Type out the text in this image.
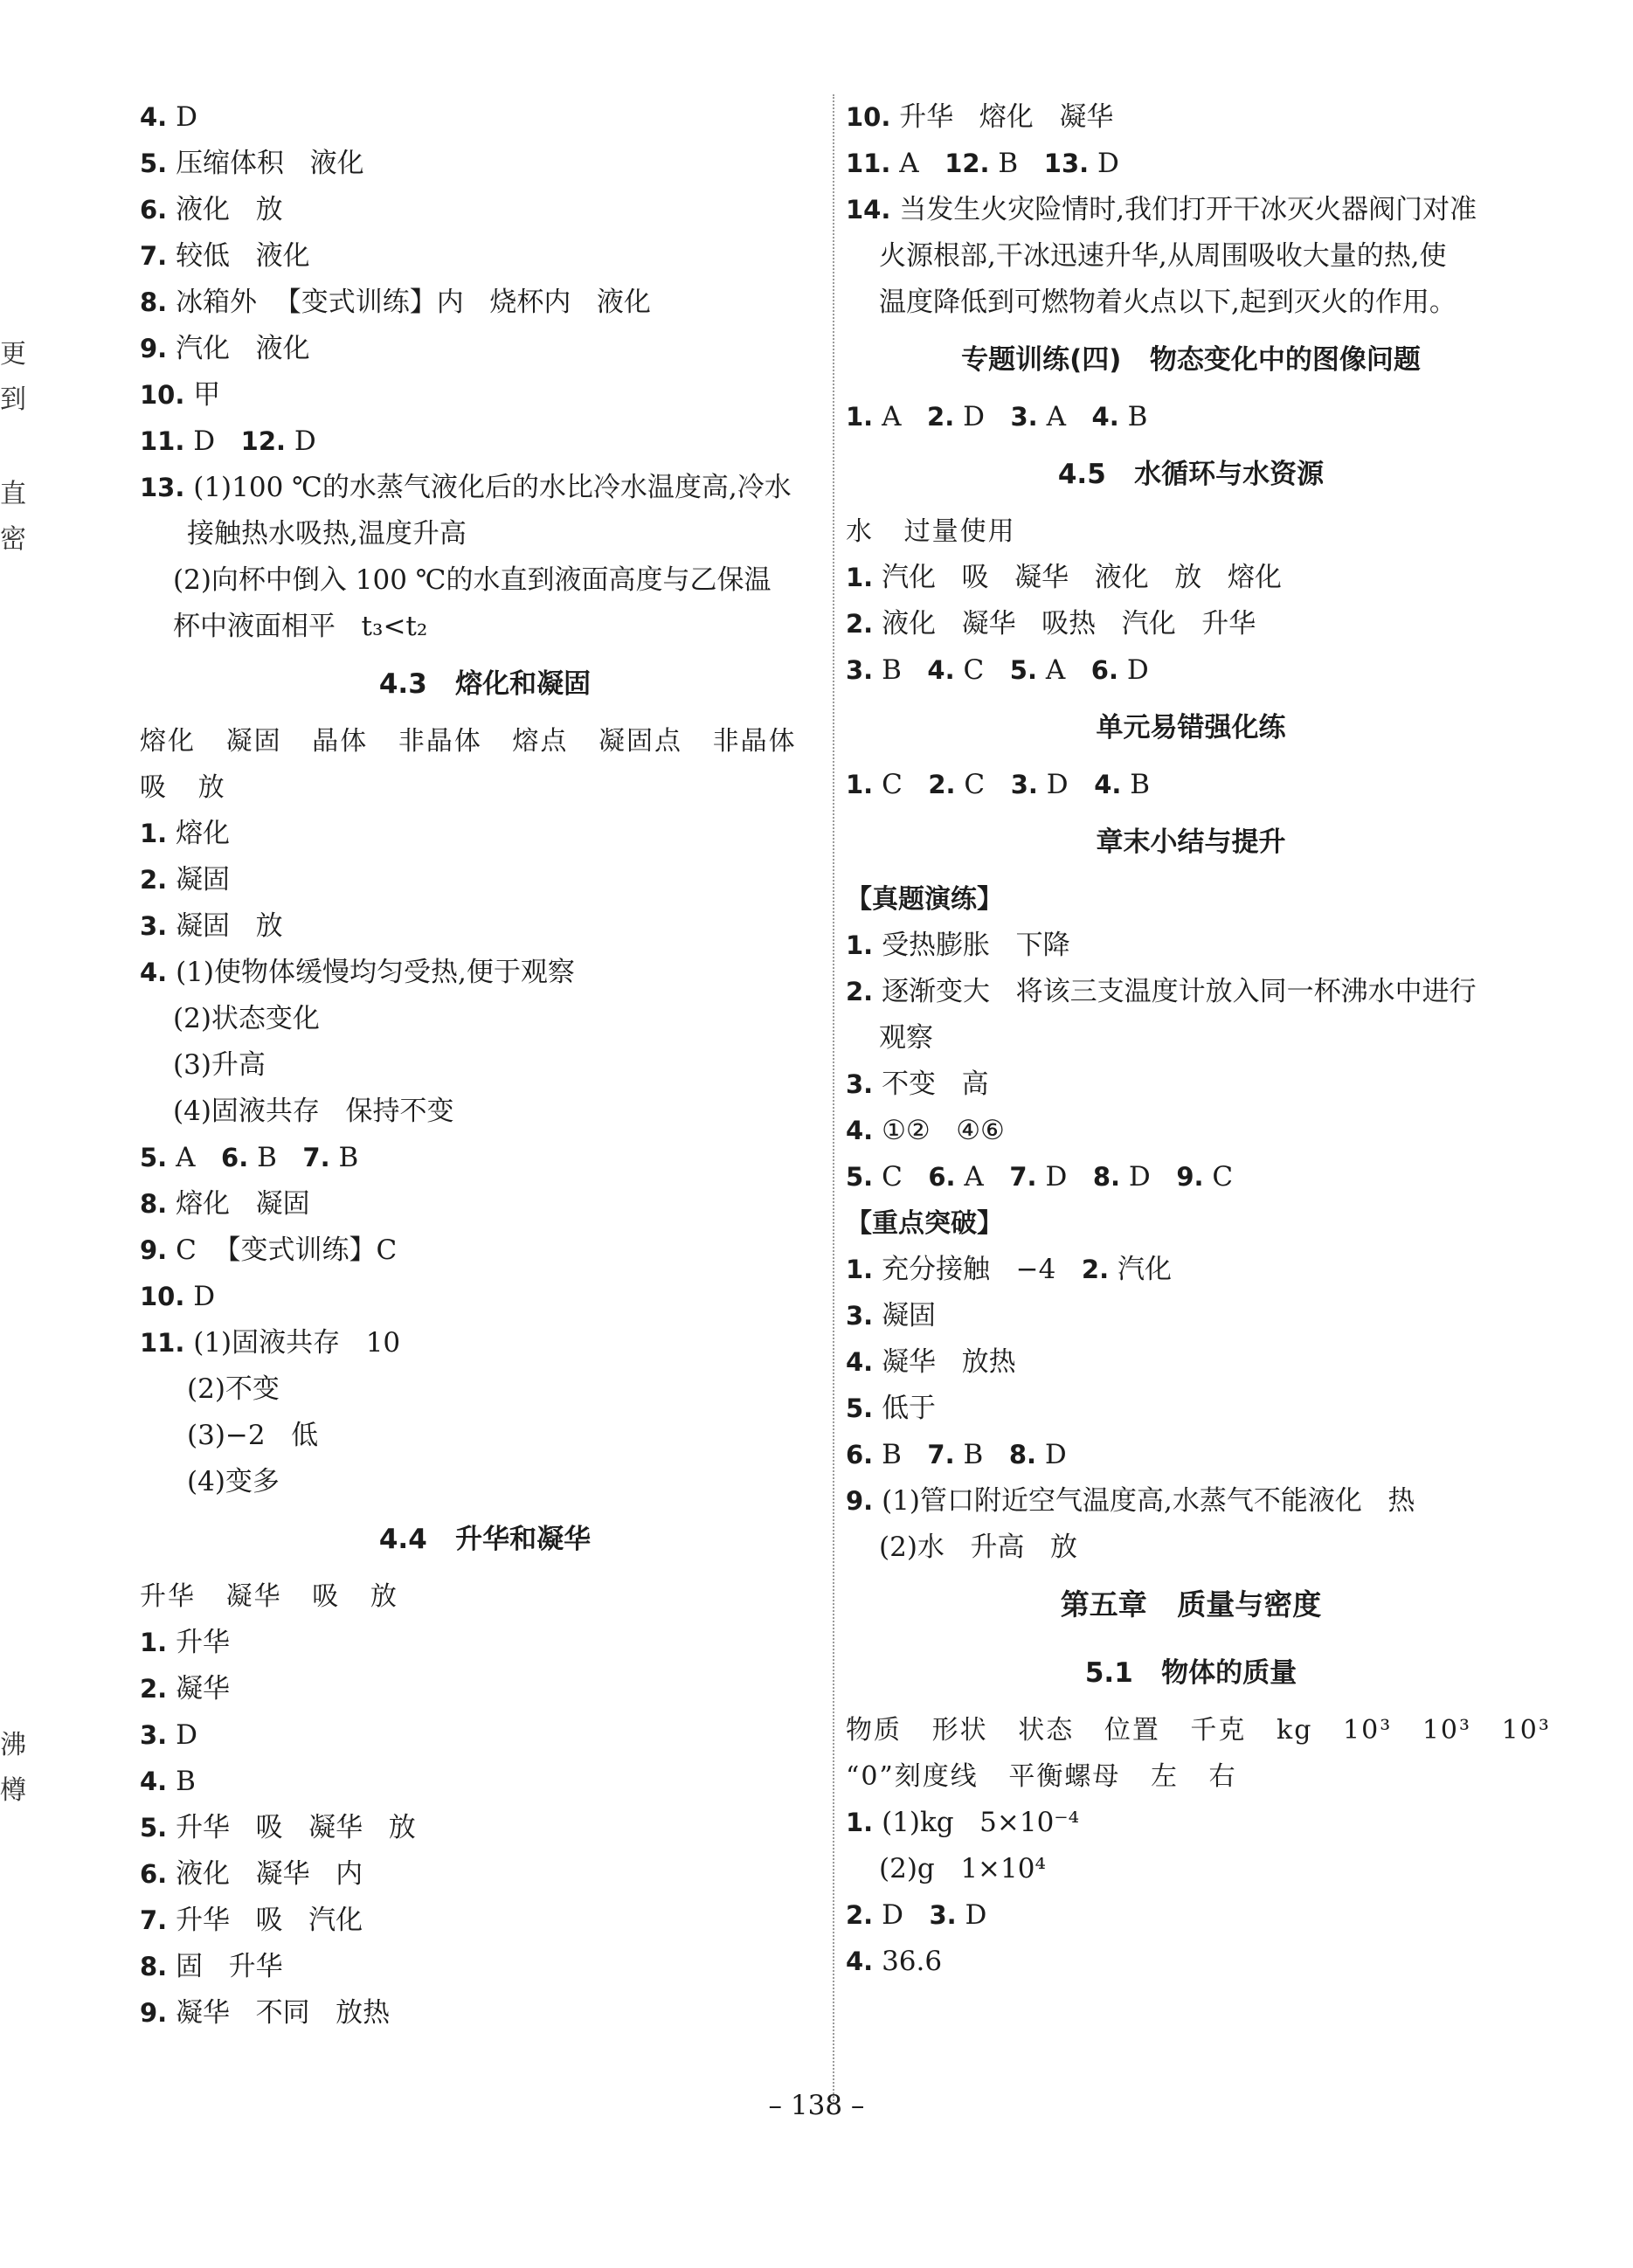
更
到
直
密
沸
樽
4. D
5. 压缩体积   液化
6. 液化   放
7. 较低   液化
8. 冰箱外  【变式训练】内   烧杯内   液化
9. 汽化   液化
10. 甲
11. D 12. D
13. (1)100 ℃的水蒸气液化后的水比冷水温度高,冷水
接触热水吸热,温度升高
(2)向杯中倒入 100 ℃的水直到液面高度与乙保温
杯中液面相平   t₃<t₂
4.3   熔化和凝固
熔化   凝固   晶体   非晶体   熔点   凝固点   非晶体
吸   放
1. 熔化
2. 凝固
3. 凝固   放
4. (1)使物体缓慢均匀受热,便于观察
(2)状态变化
(3)升高
(4)固液共存   保持不变
5. A 6. B 7. B
8. 熔化   凝固
9. C  【变式训练】C
10. D
11. (1)固液共存   10
(2)不变
(3)−2   低
(4)变多
4.4   升华和凝华
升华   凝华   吸   放
1. 升华
2. 凝华
3. D
4. B
5. 升华   吸   凝华   放
6. 液化   凝华   内
7. 升华   吸   汽化
8. 固   升华
9. 凝华   不同   放热
10. 升华   熔化   凝华
11. A 12. B 13. D
14. 当发生火灾险情时,我们打开干冰灭火器阀门对准
火源根部,干冰迅速升华,从周围吸收大量的热,使
温度降低到可燃物着火点以下,起到灭火的作用。
专题训练(四)   物态变化中的图像问题
1. A 2. D 3. A 4. B
4.5   水循环与水资源
水   过量使用
1. 汽化   吸   凝华   液化   放   熔化
2. 液化   凝华   吸热   汽化   升华
3. B 4. C 5. A 6. D
单元易错强化练
1. C 2. C 3. D 4. B
章末小结与提升
【真题演练】
1. 受热膨胀   下降
2. 逐渐变大   将该三支温度计放入同一杯沸水中进行
观察
3. 不变   高
4. ①②   ④⑥
5. C 6. A 7. D 8. D 9. C
【重点突破】
1. 充分接触   −4 2. 汽化
3. 凝固
4. 凝华   放热
5. 低于
6. B 7. B 8. D
9. (1)管口附近空气温度高,水蒸气不能液化   热
(2)水   升高   放
第五章   质量与密度
5.1   物体的质量
物质   形状   状态   位置   千克   kg   10³   10³   10³
“0”刻度线   平衡螺母   左   右
1. (1)kg   5×10⁻⁴
(2)g   1×10⁴
2. D 3. D
4. 36.6
– 138 –
